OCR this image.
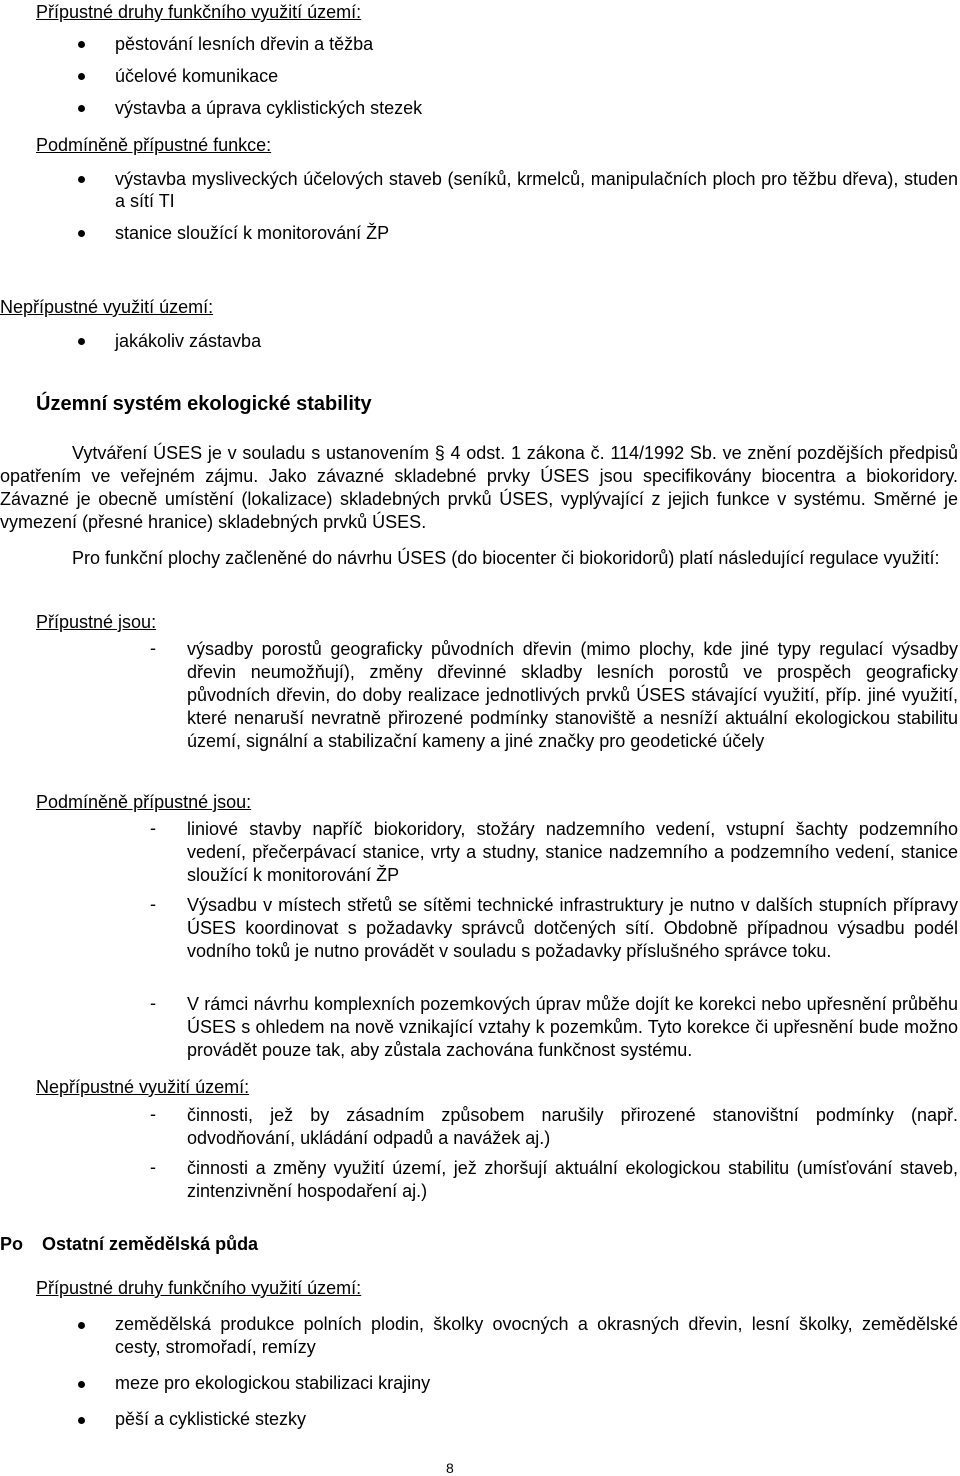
Přípustné druhy funkčního využití území:
pěstování lesních dřevin a těžba
účelové komunikace
výstavba a úprava cyklistických stezek
Podmíněně přípustné funkce:
výstavba mysliveckých účelových staveb (seníků, krmelců, manipulačních ploch pro těžbu dřeva), studen a sítí TI
stanice sloužící k monitorování ŽP
Nepřípustné využití území:
jakákoliv zástavba
Územní systém ekologické stability
Vytváření ÚSES je v souladu s ustanovením § 4 odst. 1 zákona č. 114/1992 Sb. ve znění pozdějších předpisů opatřením ve veřejném zájmu. Jako závazné skladebné prvky ÚSES jsou specifikovány biocentra a biokoridory. Závazné je obecně umístění (lokalizace) skladebných prvků ÚSES, vyplývající z jejich funkce v systému. Směrné je vymezení (přesné hranice) skladebných prvků ÚSES.
Pro funkční plochy začleněné do návrhu ÚSES (do biocenter či biokoridorů) platí následující regulace využití:
Přípustné jsou:
- výsadby porostů geograficky původních dřevin (mimo plochy, kde jiné typy regulací výsadby dřevin neumožňují), změny dřevinné skladby lesních porostů ve prospěch geograficky původních dřevin, do doby realizace jednotlivých prvků ÚSES stávající využití, příp. jiné využití, které nenaruší nevratně přirozené podmínky stanoviště a nesníží aktuální ekologickou stabilitu území, signální a stabilizační kameny a jiné značky pro geodetické účely
Podmíněně přípustné jsou:
- liniové stavby napříč biokoridory, stožáry nadzemního vedení, vstupní šachty podzemního vedení, přečerpávací stanice, vrty a studny, stanice nadzemního a podzemního vedení, stanice sloužící k monitorování ŽP
- Výsadbu v místech střetů se sítěmi technické infrastruktury je nutno v dalších stupních přípravy ÚSES koordinovat s požadavky správců dotčených sítí. Obdobně případnou výsadbu podél vodního toků je nutno provádět v souladu s požadavky příslušného správce toku.
- V rámci návrhu komplexních pozemkových úprav může dojít ke korekci nebo upřesnění průběhu ÚSES s ohledem na nově vznikající vztahy k pozemkům. Tyto korekce či upřesnění bude možno provádět pouze tak, aby zůstala zachována funkčnost systému.
Nepřípustné využití území:
- činnosti, jež by zásadním způsobem narušily přirozené stanovištní podmínky (např. odvodňování, ukládání odpadů a navážek aj.)
- činnosti a změny využití území, jež zhoršují aktuální ekologickou stabilitu (umísťování staveb, zintenzivnění hospodaření aj.)
Po Ostatní zemědělská půda
Přípustné druhy funkčního využití území:
zemědělská produkce polních plodin, školky ovocných a okrasných dřevin, lesní školky, zemědělské cesty, stromořadí, remízy
meze pro ekologickou stabilizaci krajiny
pěší a cyklistické stezky
8
